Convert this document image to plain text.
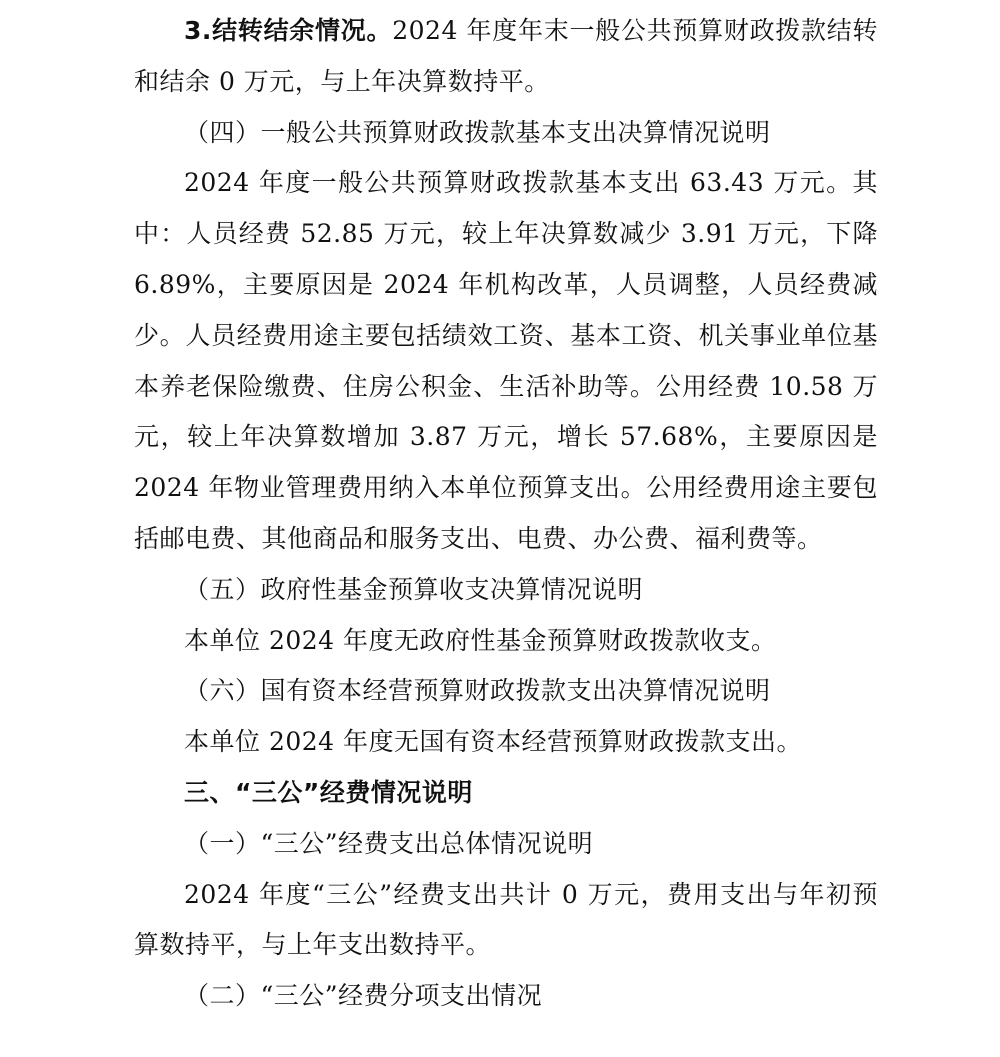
3.结转结余情况。2024 年度年末一般公共预算财政拨款结转和结余 0 万元，与上年决算数持平。

（四）一般公共预算财政拨款基本支出决算情况说明

2024 年度一般公共预算财政拨款基本支出 63.43 万元。其中：人员经费 52.85 万元，较上年决算数减少 3.91 万元，下降 6.89%，主要原因是 2024 年机构改革，人员调整，人员经费减少。人员经费用途主要包括绩效工资、基本工资、机关事业单位基本养老保险缴费、住房公积金、生活补助等。公用经费 10.58 万元，较上年决算数增加 3.87 万元，增长 57.68%，主要原因是 2024 年物业管理费用纳入本单位预算支出。公用经费用途主要包括邮电费、其他商品和服务支出、电费、办公费、福利费等。

（五）政府性基金预算收支决算情况说明

本单位 2024 年度无政府性基金预算财政拨款收支。

（六）国有资本经营预算财政拨款支出决算情况说明

本单位 2024 年度无国有资本经营预算财政拨款支出。

三、“三公”经费情况说明

（一）“三公”经费支出总体情况说明

2024 年度“三公”经费支出共计 0 万元，费用支出与年初预算数持平，与上年支出数持平。

（二）“三公”经费分项支出情况
